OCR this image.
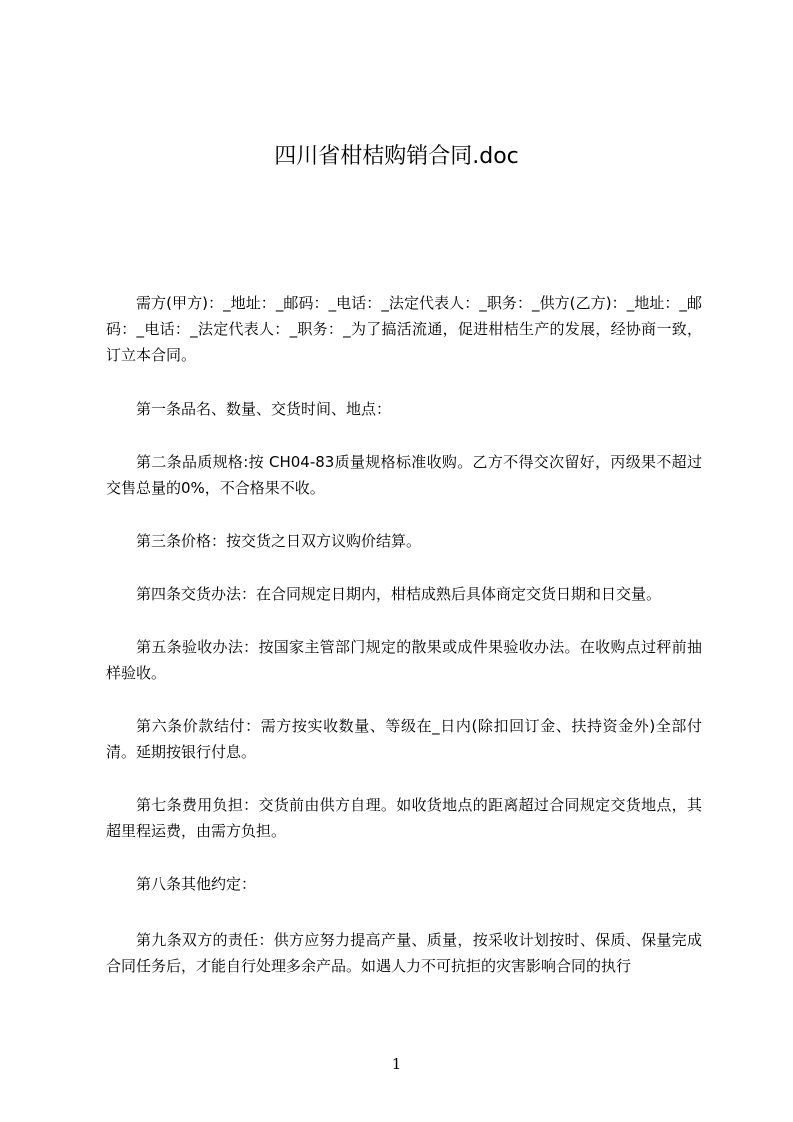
四川省柑桔购销合同.doc

需方(甲方)：_地址：_邮码：_电话：_法定代表人：_职务：_供方(乙方)：_地址：_邮码：_电话：_法定代表人：_职务：_为了搞活流通，促进柑桔生产的发展，经协商一致，订立本合同。

第一条品名、数量、交货时间、地点：

第二条品质规格:按 CH04-83质量规格标准收购。乙方不得交次留好，丙级果不超过交售总量的0%，不合格果不收。

第三条价格：按交货之日双方议购价结算。

第四条交货办法：在合同规定日期内，柑桔成熟后具体商定交货日期和日交量。

第五条验收办法：按国家主管部门规定的散果或成件果验收办法。在收购点过秤前抽样验收。

第六条价款结付：需方按实收数量、等级在_日内(除扣回订金、扶持资金外)全部付清。延期按银行付息。

第七条费用负担：交货前由供方自理。如收货地点的距离超过合同规定交货地点，其超里程运费，由需方负担。

第八条其他约定：

第九条双方的责任：供方应努力提高产量、质量，按采收计划按时、保质、保量完成合同任务后，才能自行处理多余产品。如遇人力不可抗拒的灾害影响合同的执行

1
